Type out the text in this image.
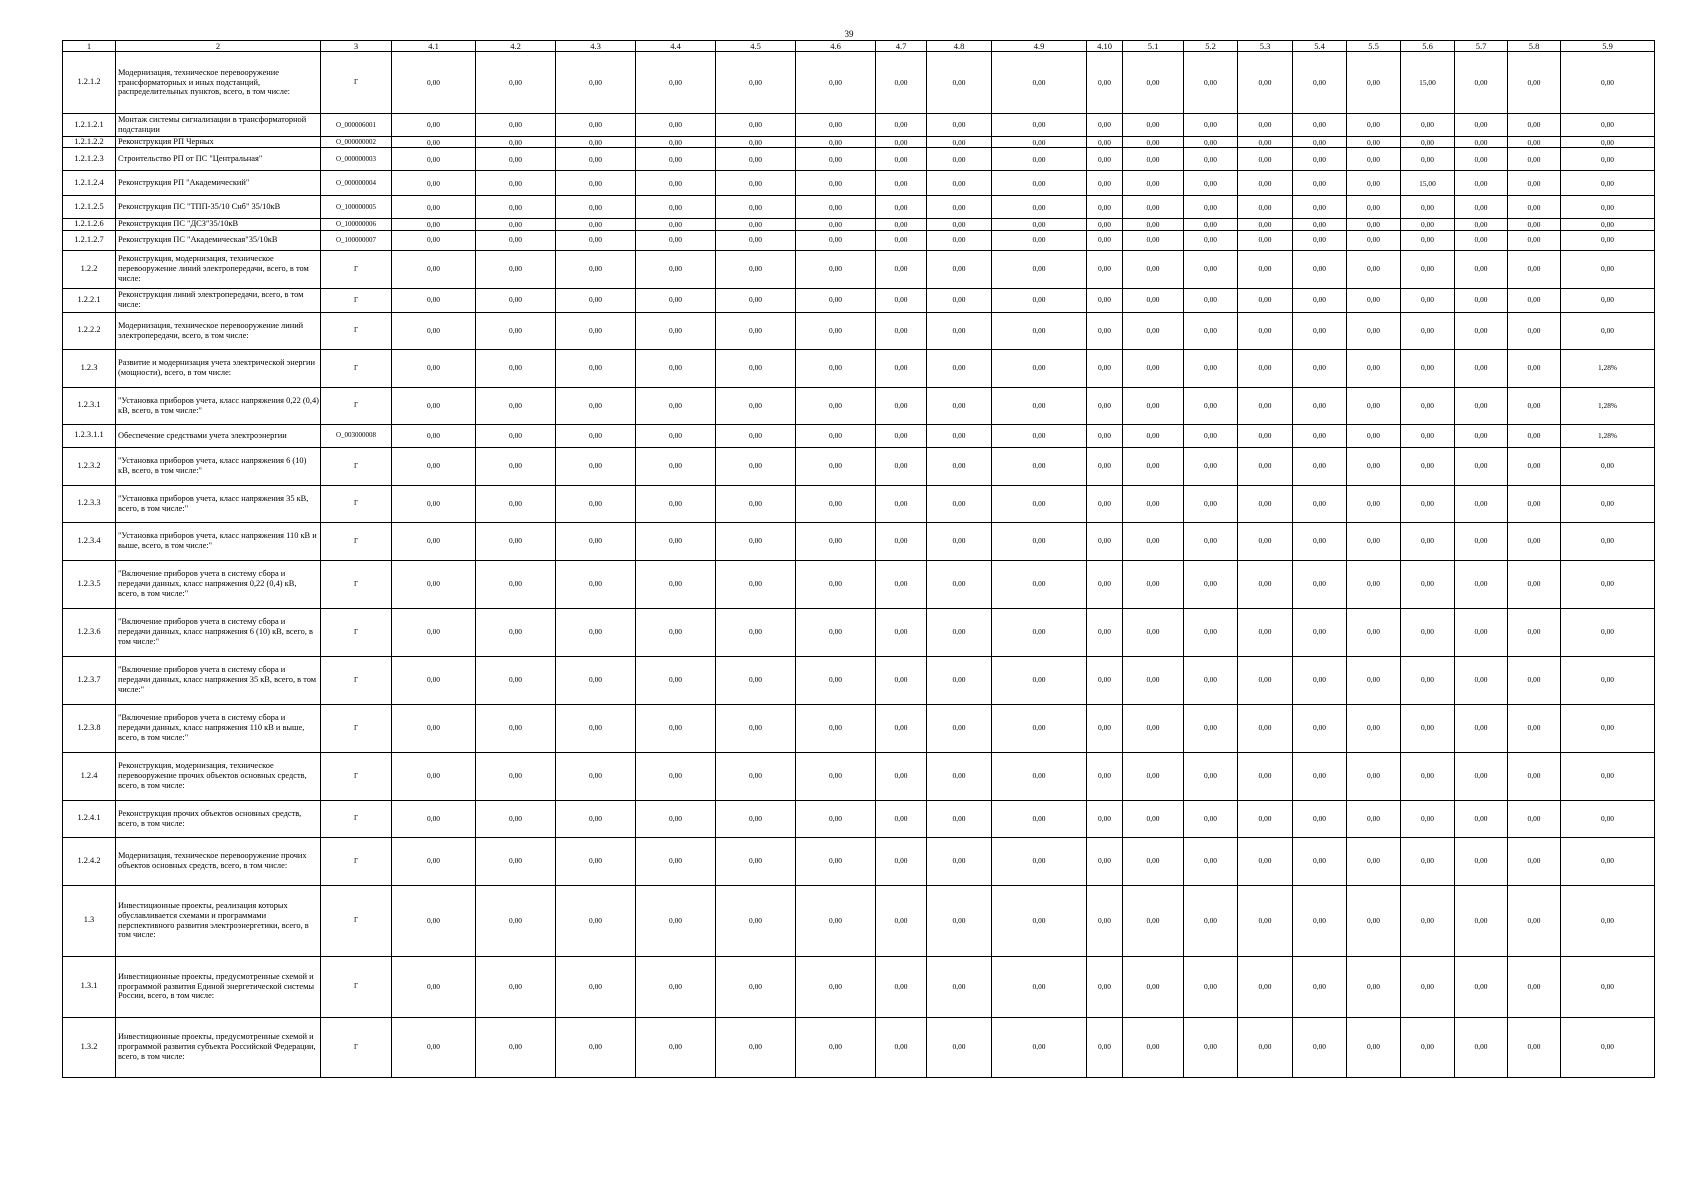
39
1	2	3	4.1	4.2	4.3	4.4	4.5	4.6	4.7	4.8	4.9	4.10	5.1	5.2	5.3	5.4	5.5	5.6	5.7	5.8	5.9
1.2.1.2	Модернизация, техническое перевооружение трансформаторных и иных подстанций, распределительных пунктов, всего, в том числе:	Г	0,00	0,00	0,00	0,00	0,00	0,00	0,00	0,00	0,00	0,00	0,00	0,00	0,00	0,00	0,00	15,00	0,00	0,00	0,00
1.2.1.2.1	Монтаж системы сигнализации в трансформаторной подстанции	O_000006001	0,00	0,00	0,00	0,00	0,00	0,00	0,00	0,00	0,00	0,00	0,00	0,00	0,00	0,00	0,00	0,00	0,00	0,00	0,00
1.2.1.2.2	Реконструкция РП Черных	O_000000002	0,00	0,00	0,00	0,00	0,00	0,00	0,00	0,00	0,00	0,00	0,00	0,00	0,00	0,00	0,00	0,00	0,00	0,00	0,00
1.2.1.2.3	Строительство РП от ПС "Центральная"	O_000000003	0,00	0,00	0,00	0,00	0,00	0,00	0,00	0,00	0,00	0,00	0,00	0,00	0,00	0,00	0,00	0,00	0,00	0,00	0,00
1.2.1.2.4	Реконструкция РП "Академический"	O_000000004	0,00	0,00	0,00	0,00	0,00	0,00	0,00	0,00	0,00	0,00	0,00	0,00	0,00	0,00	0,00	15,00	0,00	0,00	0,00
1.2.1.2.5	Реконструкция ПС "ТПП-35/10 Снб" 35/10кВ	O_100000005	0,00	0,00	0,00	0,00	0,00	0,00	0,00	0,00	0,00	0,00	0,00	0,00	0,00	0,00	0,00	0,00	0,00	0,00	0,00
1.2.1.2.6	Реконструкция ПС "ДСЗ"35/10кВ	O_100000006	0,00	0,00	0,00	0,00	0,00	0,00	0,00	0,00	0,00	0,00	0,00	0,00	0,00	0,00	0,00	0,00	0,00	0,00	0,00
1.2.1.2.7	Реконструкция ПС "Академическая"35/10кВ	O_100000007	0,00	0,00	0,00	0,00	0,00	0,00	0,00	0,00	0,00	0,00	0,00	0,00	0,00	0,00	0,00	0,00	0,00	0,00	0,00
1.2.2	Реконструкция, модернизация, техническое перевооружение линий электропередачи, всего, в том числе:	Г	0,00	0,00	0,00	0,00	0,00	0,00	0,00	0,00	0,00	0,00	0,00	0,00	0,00	0,00	0,00	0,00	0,00	0,00	0,00
1.2.2.1	Реконструкция линий электропередачи, всего, в том числе:	Г	0,00	0,00	0,00	0,00	0,00	0,00	0,00	0,00	0,00	0,00	0,00	0,00	0,00	0,00	0,00	0,00	0,00	0,00	0,00
1.2.2.2	Модернизация, техническое перевооружение линий электропередачи, всего, в том числе:	Г	0,00	0,00	0,00	0,00	0,00	0,00	0,00	0,00	0,00	0,00	0,00	0,00	0,00	0,00	0,00	0,00	0,00	0,00	0,00
1.2.3	Развитие и модернизация учета электрической энергии (мощности), всего, в том числе:	Г	0,00	0,00	0,00	0,00	0,00	0,00	0,00	0,00	0,00	0,00	0,00	0,00	0,00	0,00	0,00	0,00	0,00	0,00	1,28%
1.2.3.1	"Установка приборов учета, класс напряжения 0,22 (0,4) кВ, всего, в том числе:"	Г	0,00	0,00	0,00	0,00	0,00	0,00	0,00	0,00	0,00	0,00	0,00	0,00	0,00	0,00	0,00	0,00	0,00	0,00	1,28%
1.2.3.1.1	Обеспечение средствами учета электроэнергии	O_003000008	0,00	0,00	0,00	0,00	0,00	0,00	0,00	0,00	0,00	0,00	0,00	0,00	0,00	0,00	0,00	0,00	0,00	0,00	1,28%
1.2.3.2	"Установка приборов учета, класс напряжения 6 (10) кВ, всего, в том числе:"	Г	0,00	0,00	0,00	0,00	0,00	0,00	0,00	0,00	0,00	0,00	0,00	0,00	0,00	0,00	0,00	0,00	0,00	0,00	0,00
1.2.3.3	"Установка приборов учета, класс напряжения 35 кВ, всего, в том числе:"	Г	0,00	0,00	0,00	0,00	0,00	0,00	0,00	0,00	0,00	0,00	0,00	0,00	0,00	0,00	0,00	0,00	0,00	0,00	0,00
1.2.3.4	"Установка приборов учета, класс напряжения 110 кВ и выше, всего, в том числе:"	Г	0,00	0,00	0,00	0,00	0,00	0,00	0,00	0,00	0,00	0,00	0,00	0,00	0,00	0,00	0,00	0,00	0,00	0,00	0,00
1.2.3.5	"Включение приборов учета в систему сбора и передачи данных, класс напряжения 0,22 (0,4) кВ, всего, в том числе:"	Г	0,00	0,00	0,00	0,00	0,00	0,00	0,00	0,00	0,00	0,00	0,00	0,00	0,00	0,00	0,00	0,00	0,00	0,00	0,00
1.2.3.6	"Включение приборов учета в систему сбора и передачи данных, класс напряжения 6 (10) кВ, всего, в том числе:"	Г	0,00	0,00	0,00	0,00	0,00	0,00	0,00	0,00	0,00	0,00	0,00	0,00	0,00	0,00	0,00	0,00	0,00	0,00	0,00
1.2.3.7	"Включение приборов учета в систему сбора и передачи данных, класс напряжения 35 кВ, всего, в том числе:"	Г	0,00	0,00	0,00	0,00	0,00	0,00	0,00	0,00	0,00	0,00	0,00	0,00	0,00	0,00	0,00	0,00	0,00	0,00	0,00
1.2.3.8	"Включение приборов учета в систему сбора и передачи данных, класс напряжения 110 кВ и выше, всего, в том числе:"	Г	0,00	0,00	0,00	0,00	0,00	0,00	0,00	0,00	0,00	0,00	0,00	0,00	0,00	0,00	0,00	0,00	0,00	0,00	0,00
1.2.4	Реконструкция, модернизация, техническое перевооружение прочих объектов основных средств, всего, в том числе:	Г	0,00	0,00	0,00	0,00	0,00	0,00	0,00	0,00	0,00	0,00	0,00	0,00	0,00	0,00	0,00	0,00	0,00	0,00	0,00
1.2.4.1	Реконструкция прочих объектов основных средств, всего, в том числе:	Г	0,00	0,00	0,00	0,00	0,00	0,00	0,00	0,00	0,00	0,00	0,00	0,00	0,00	0,00	0,00	0,00	0,00	0,00	0,00
1.2.4.2	Модернизация, техническое перевооружение прочих объектов основных средств, всего, в том числе:	Г	0,00	0,00	0,00	0,00	0,00	0,00	0,00	0,00	0,00	0,00	0,00	0,00	0,00	0,00	0,00	0,00	0,00	0,00	0,00
1.3	Инвестиционные проекты, реализация которых обуславливается схемами и программами перспективного развития электроэнергетики, всего, в том числе:	Г	0,00	0,00	0,00	0,00	0,00	0,00	0,00	0,00	0,00	0,00	0,00	0,00	0,00	0,00	0,00	0,00	0,00	0,00	0,00
1.3.1	Инвестиционные проекты, предусмотренные схемой и программой развития Единой энергетической системы России, всего, в том числе:	Г	0,00	0,00	0,00	0,00	0,00	0,00	0,00	0,00	0,00	0,00	0,00	0,00	0,00	0,00	0,00	0,00	0,00	0,00	0,00
1.3.2	Инвестиционные проекты, предусмотренные схемой и программой развития субъекта Российской Федерации, всего, в том числе:	Г	0,00	0,00	0,00	0,00	0,00	0,00	0,00	0,00	0,00	0,00	0,00	0,00	0,00	0,00	0,00	0,00	0,00	0,00	0,00
